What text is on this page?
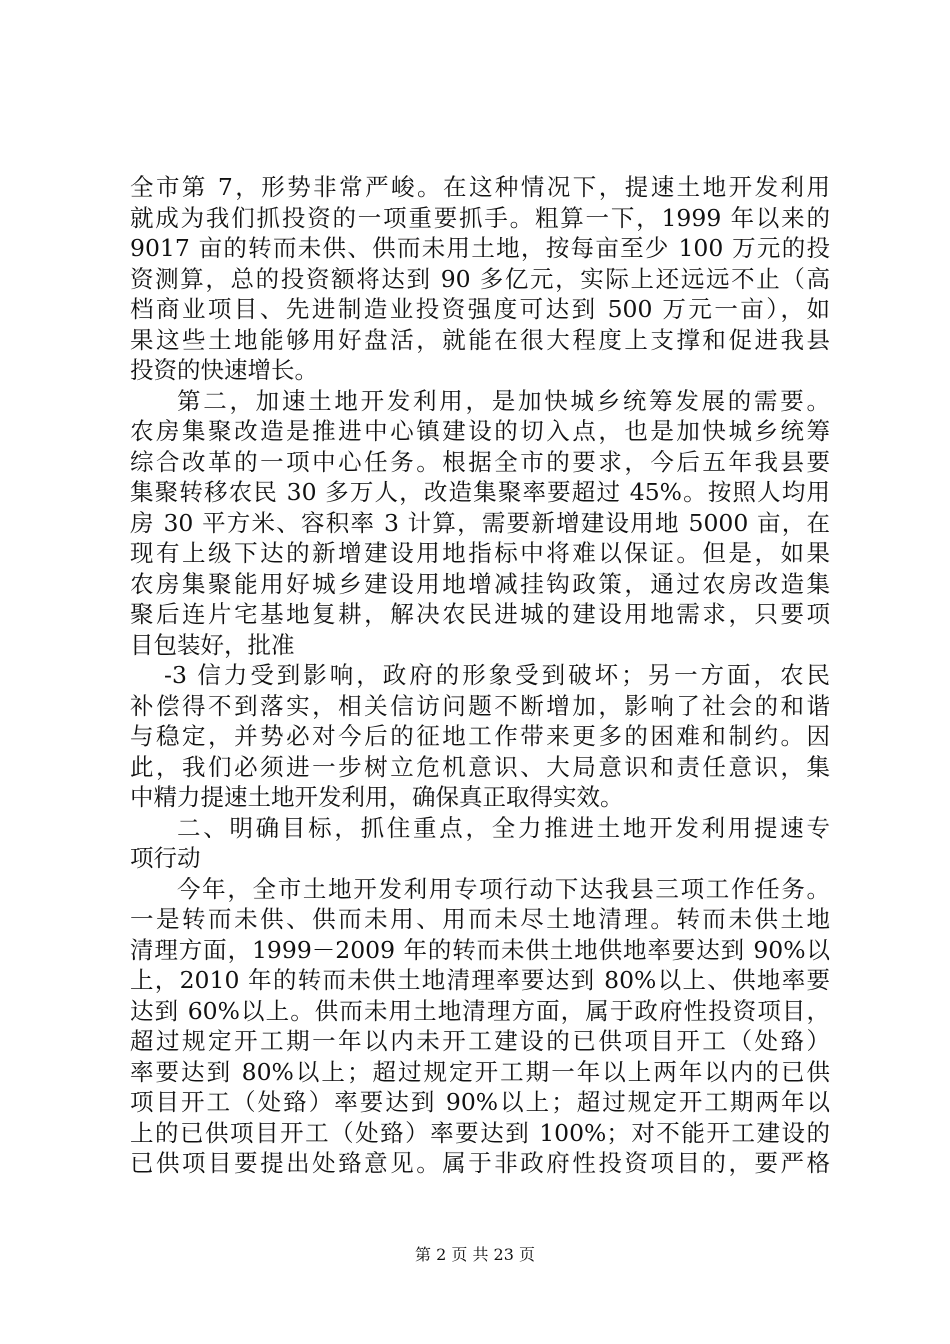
全市第 7，形势非常严峻。在这种情况下，提速土地开发利用
就成为我们抓投资的一项重要抓手。粗算一下，1999 年以来的
9017 亩的转而未供、供而未用土地，按每亩至少 100 万元的投
资测算，总的投资额将达到 90 多亿元，实际上还远远不止（高
档商业项目、先进制造业投资强度可达到 500 万元一亩），如
果这些土地能够用好盘活，就能在很大程度上支撑和促进我县
投资的快速增长。
第二，加速土地开发利用，是加快城乡统筹发展的需要。
农房集聚改造是推进中心镇建设的切入点，也是加快城乡统筹
综合改革的一项中心任务。根据全市的要求，今后五年我县要
集聚转移农民 30 多万人，改造集聚率要超过 45%。按照人均用
房 30 平方米、容积率 3 计算，需要新增建设用地 5000 亩，在
现有上级下达的新增建设用地指标中将难以保证。但是，如果
农房集聚能用好城乡建设用地增减挂钩政策，通过农房改造集
聚后连片宅基地复耕，解决农民进城的建设用地需求，只要项
目包装好，批准
-3 信力受到影响，政府的形象受到破坏；另一方面，农民
补偿得不到落实，相关信访问题不断增加，影响了社会的和谐
与稳定，并势必对今后的征地工作带来更多的困难和制约。因
此，我们必须进一步树立危机意识、大局意识和责任意识，集
中精力提速土地开发利用，确保真正取得实效。
二、明确目标，抓住重点，全力推进土地开发利用提速专
项行动
今年，全市土地开发利用专项行动下达我县三项工作任务。
一是转而未供、供而未用、用而未尽土地清理。转而未供土地
清理方面，1999－2009 年的转而未供土地供地率要达到 90%以
上，2010 年的转而未供土地清理率要达到 80%以上、供地率要
达到 60%以上。供而未用土地清理方面，属于政府性投资项目，
超过规定开工期一年以内未开工建设的已供项目开工（处臵）
率要达到 80%以上；超过规定开工期一年以上两年以内的已供
项目开工（处臵）率要达到 90%以上；超过规定开工期两年以
上的已供项目开工（处臵）率要达到 100%；对不能开工建设的
已供项目要提出处臵意见。属于非政府性投资项目的，要严格
第 2 页 共 23 页
